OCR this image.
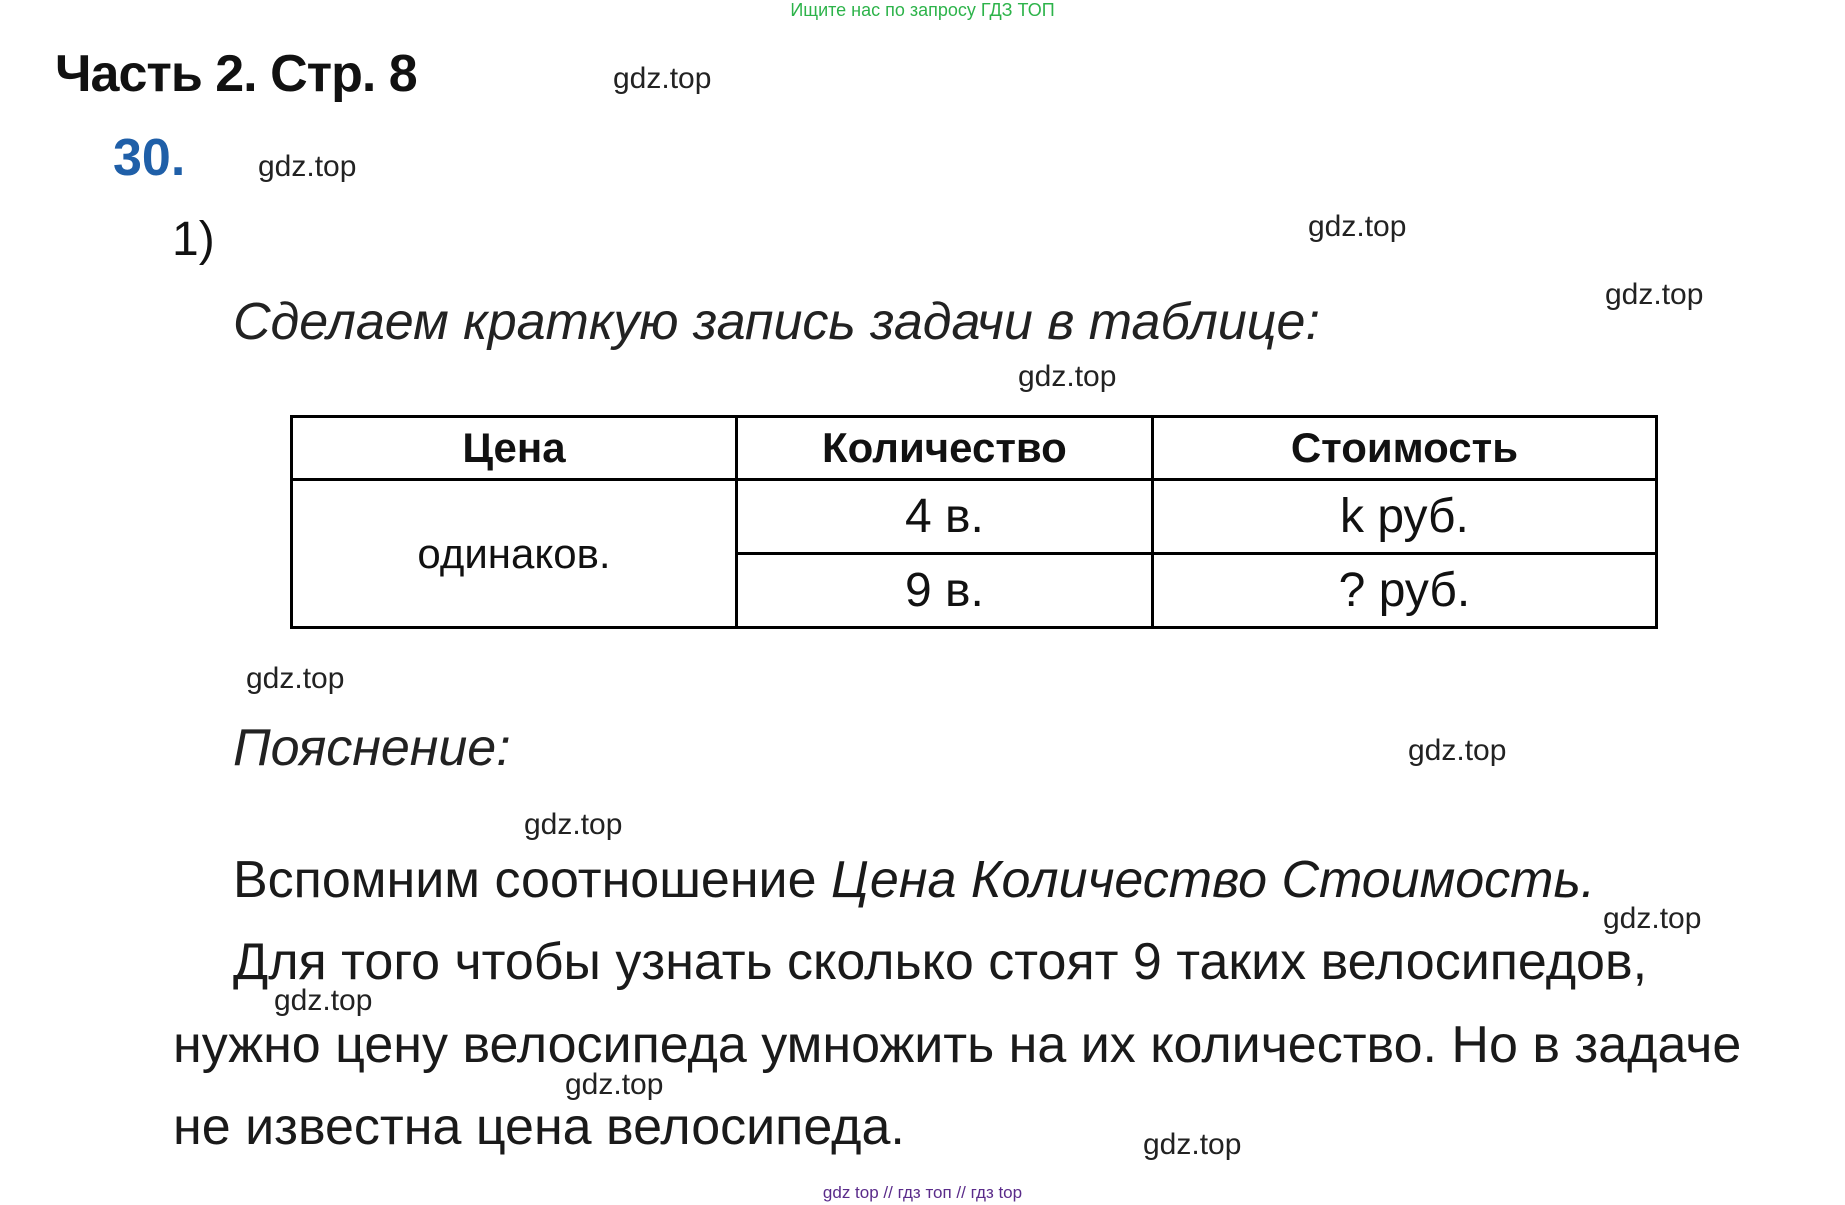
Ищите нас по запросу ГДЗ ТОП
Часть 2. Стр. 8
30.
1)
Сделаем краткую запись задачи в таблице:
Цена	Количество	Стоимость
одинаков.	4 в.	k руб.
	9 в.	? руб.
Пояснение:
Вспомним соотношение Цена Количество Стоимость.
Для того чтобы узнать сколько стоят 9 таких велосипедов,
нужно цену велосипеда умножить на их количество. Но в задаче
не известна цена велосипеда.
gdz.top
gdz.top
gdz.top
gdz.top
gdz.top
gdz.top
gdz.top
gdz.top
gdz.top
gdz.top
gdz.top
gdz.top
gdz top // гдз топ // гдз top
